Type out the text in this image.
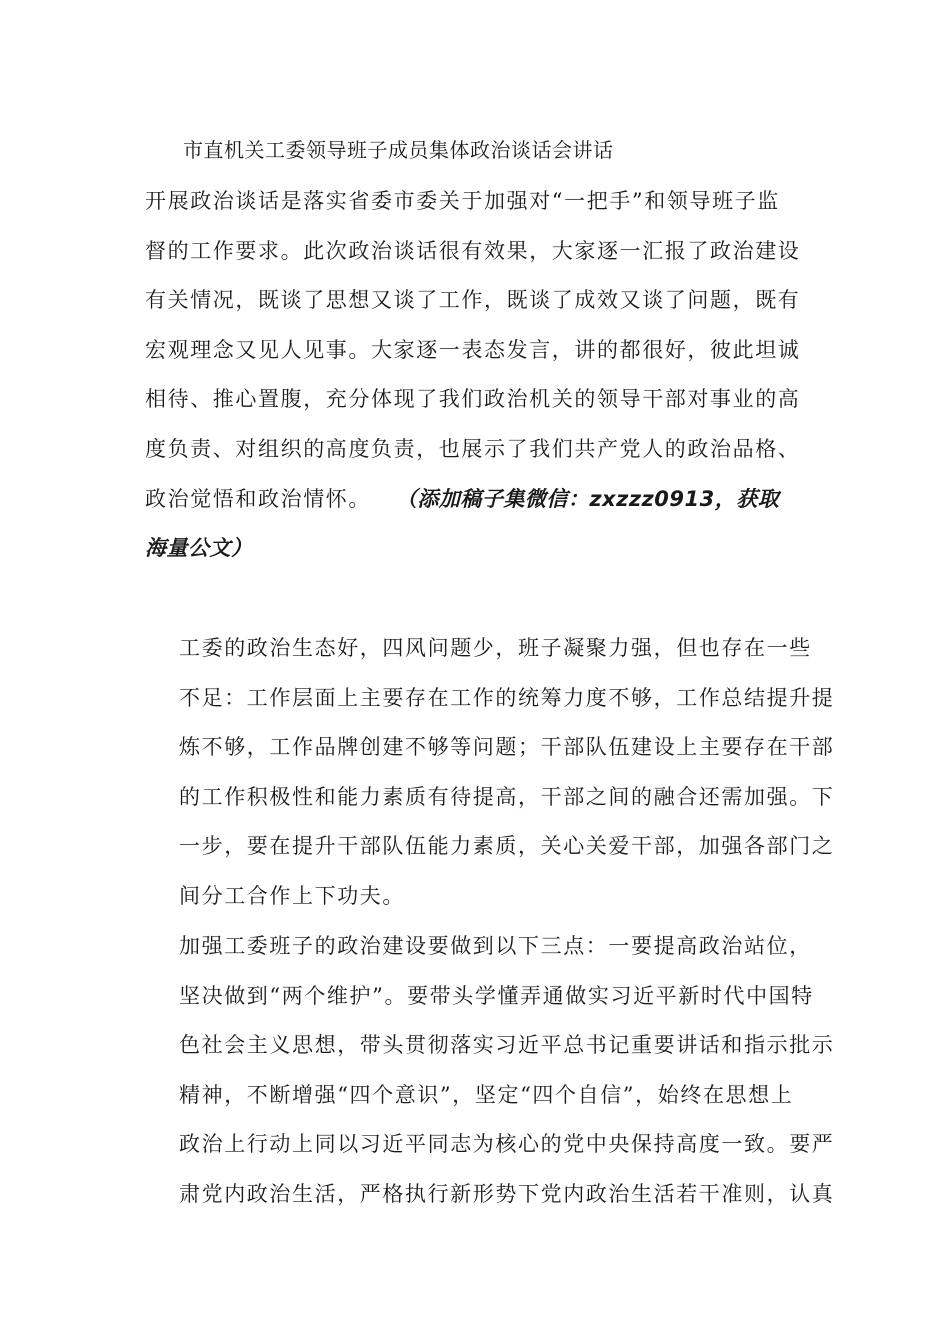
市直机关工委领导班子成员集体政治谈话会讲话
开展政治谈话是落实省委市委关于加强对“一把手”和领导班子监
督的工作要求。此次政治谈话很有效果，大家逐一汇报了政治建设
有关情况，既谈了思想又谈了工作，既谈了成效又谈了问题，既有
宏观理念又见人见事。大家逐一表态发言，讲的都很好，彼此坦诚
相待、推心置腹，充分体现了我们政治机关的领导干部对事业的高
度负责、对组织的高度负责，也展示了我们共产党人的政治品格、
政治觉悟和政治情怀。 （添加稿子集微信：zxzzz0913，获取
海量公文）
工委的政治生态好，四风问题少，班子凝聚力强，但也存在一些
不足：工作层面上主要存在工作的统筹力度不够，工作总结提升提
炼不够，工作品牌创建不够等问题；干部队伍建设上主要存在干部
的工作积极性和能力素质有待提高，干部之间的融合还需加强。下
一步，要在提升干部队伍能力素质，关心关爱干部，加强各部门之
间分工合作上下功夫。
加强工委班子的政治建设要做到以下三点：一要提高政治站位，
坚决做到“两个维护”。要带头学懂弄通做实习近平新时代中国特
色社会主义思想，带头贯彻落实习近平总书记重要讲话和指示批示
精神，不断增强“四个意识”，坚定“四个自信”，始终在思想上
政治上行动上同以习近平同志为核心的党中央保持高度一致。要严
肃党内政治生活，严格执行新形势下党内政治生活若干准则，认真
